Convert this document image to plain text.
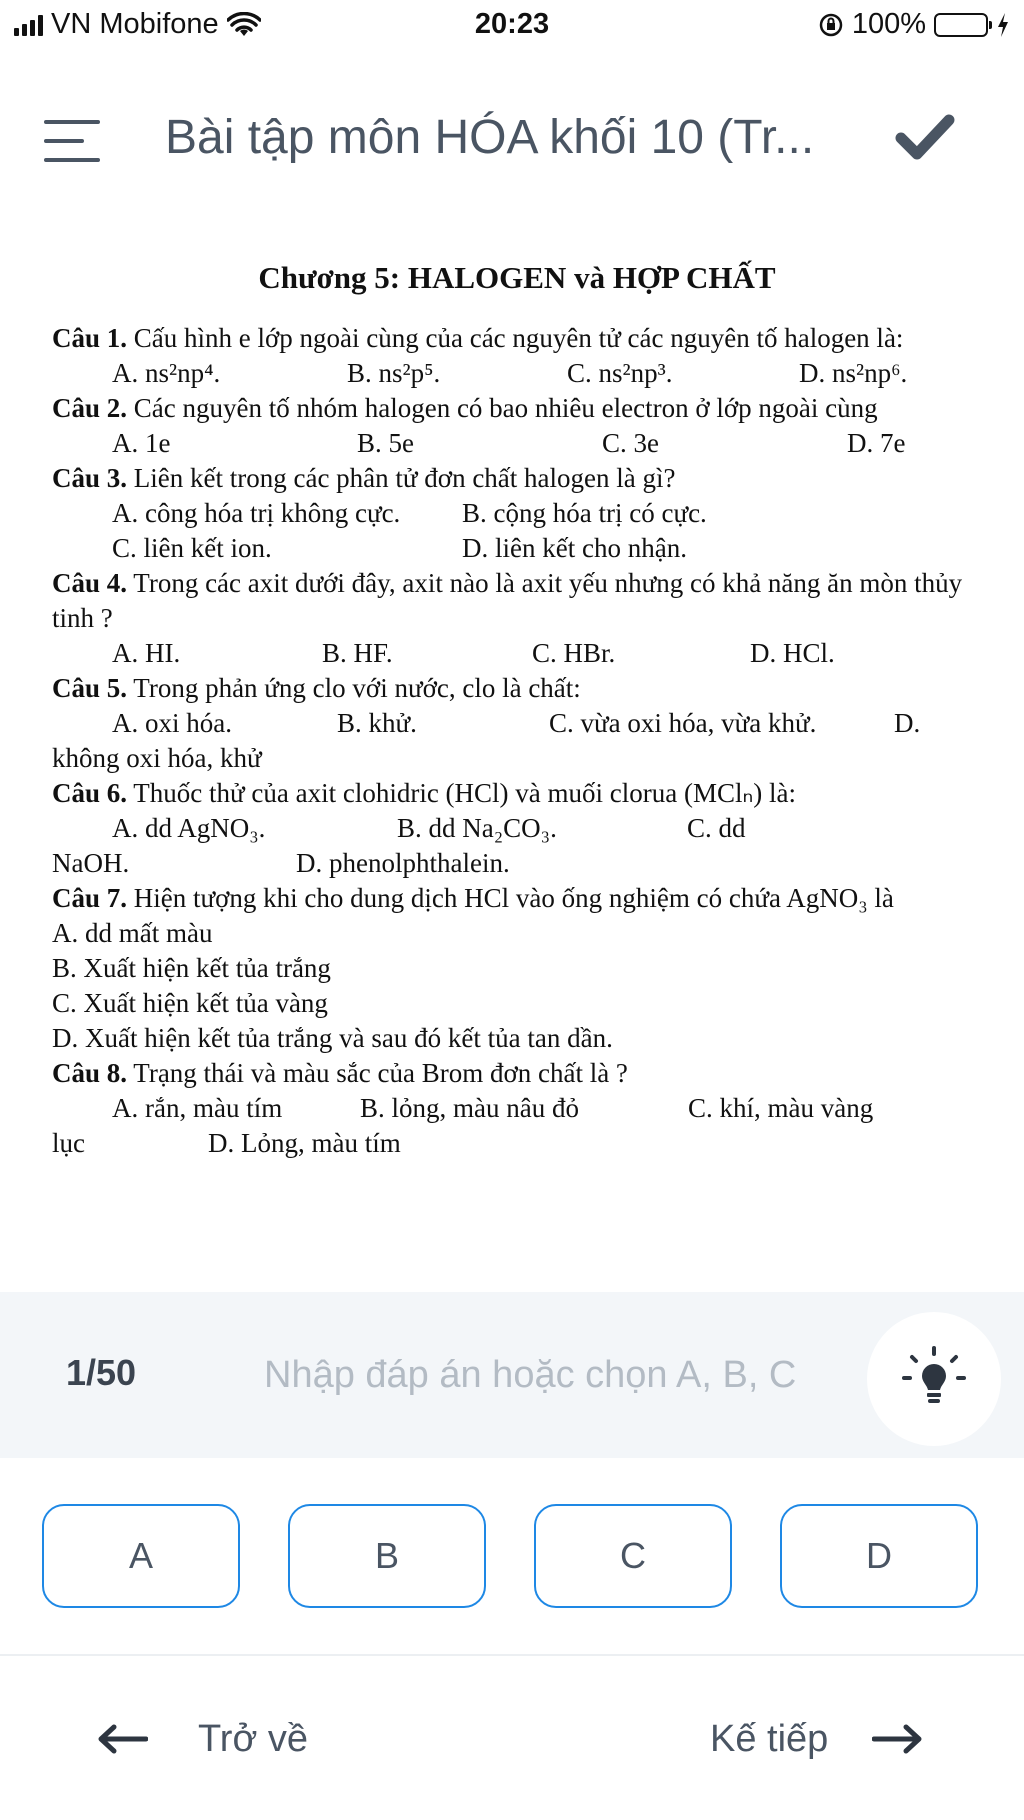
VN Mobifone	20:23	100%
Bài tập môn HÓA khối 10 (Tr...
Chương 5: HALOGEN và HỢP CHẤT
Câu 1. Cấu hình e lớp ngoài cùng của các nguyên tử các nguyên tố halogen là:
A. ns²np⁴.	B. ns²p⁵.	C. ns²np³.	D. ns²np⁶.
Câu 2. Các nguyên tố nhóm halogen có bao nhiêu electron ở lớp ngoài cùng
A. 1e	B. 5e	C. 3e	D. 7e
Câu 3. Liên kết trong các phân tử đơn chất halogen là gì?
A. công hóa trị không cực.	B. cộng hóa trị có cực.
C. liên kết ion.	D. liên kết cho nhận.
Câu 4. Trong các axit dưới đây, axit nào là axit yếu nhưng có khả năng ăn mòn thủy tinh ?
A. HI.	B. HF.	C. HBr.	D. HCl.
Câu 5. Trong phản ứng clo với nước, clo là chất:
A. oxi hóa.	B. khử.	C. vừa oxi hóa, vừa khử.	D.
không oxi hóa, khử
Câu 6. Thuốc thử của axit clohidric (HCl) và muối clorua (MClₙ) là:
A. dd AgNO₃.	B. dd Na₂CO₃.	C. dd
NaOH.	D. phenolphthalein.
Câu 7. Hiện tượng khi cho dung dịch HCl vào ống nghiệm có chứa AgNO₃ là
A. dd mất màu
B. Xuất hiện kết tủa trắng
C. Xuất hiện kết tủa vàng
D. Xuất hiện kết tủa trắng và sau đó kết tủa tan dần.
Câu 8. Trạng thái và màu sắc của Brom đơn chất là ?
A. rắn, màu tím	B. lỏng, màu nâu đỏ	C. khí, màu vàng
lục	D. Lỏng, màu tím
1/50
Nhập đáp án hoặc chọn A, B, C
A	B	C	D
Trở về	Kế tiếp
